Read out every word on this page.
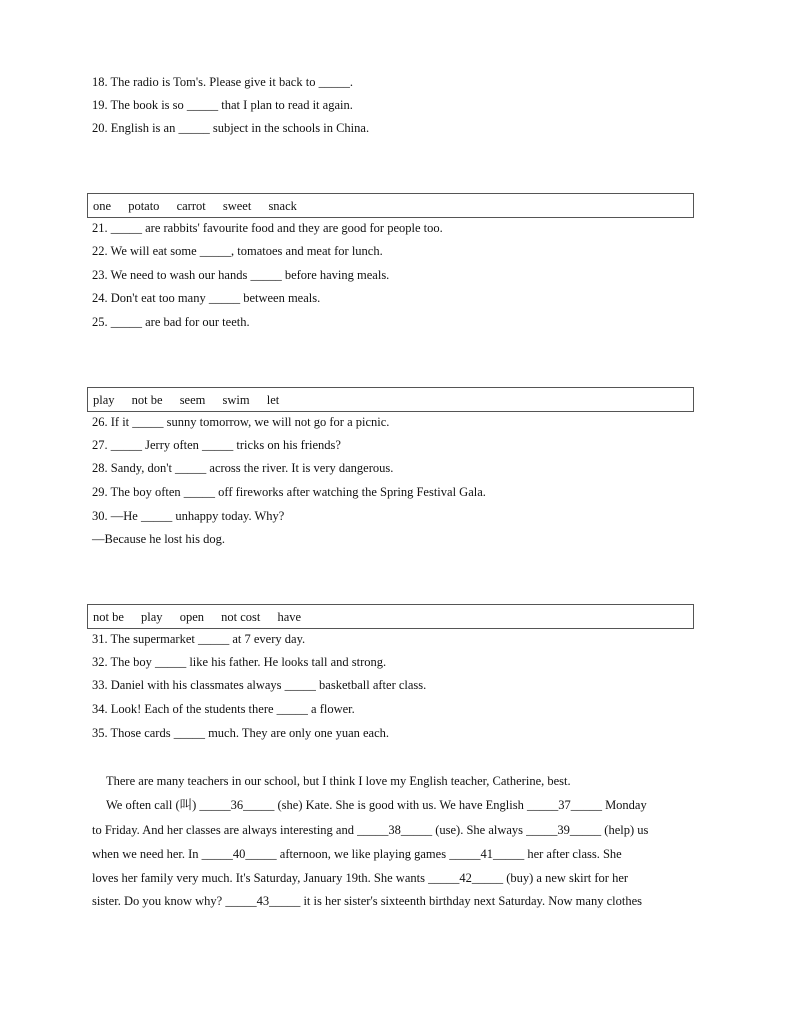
18. The radio is Tom's. Please give it back to _____.
19. The book is so _____ that I plan to read it again.
20. English is an _____ subject in the schools in China.
one potato carrot sweet snack
21. _____ are rabbits' favourite food and they are good for people too.
22. We will eat some _____, tomatoes and meat for lunch.
23. We need to wash our hands _____ before having meals.
24. Don't eat too many _____ between meals.
25. _____ are bad for our teeth.
play not be seem swim let
26. If it _____ sunny tomorrow, we will not go for a picnic.
27. _____ Jerry often _____ tricks on his friends?
28. Sandy, don't _____ across the river. It is very dangerous.
29. The boy often _____ off fireworks after watching the Spring Festival Gala.
30. —He _____ unhappy today. Why?
—Because he lost his dog.
not be play open not cost have
31. The supermarket _____ at 7 every day.
32. The boy _____ like his father. He looks tall and strong.
33. Daniel with his classmates always _____ basketball after class.
34. Look! Each of the students there _____ a flower.
35. Those cards _____ much. They are only one yuan each.
There are many teachers in our school, but I think I love my English teacher, Catherine, best.
We often call (叫) _____36_____ (she) Kate. She is good with us. We have English _____37_____ Monday
to Friday. And her classes are always interesting and _____38_____ (use). She always _____39_____ (help) us
when we need her. In _____40_____ afternoon, we like playing games _____41_____ her after class. She
loves her family very much. It's Saturday, January 19th. She wants _____42_____ (buy) a new skirt for her
sister. Do you know why? _____43_____ it is her sister's sixteenth birthday next Saturday. Now many clothes
